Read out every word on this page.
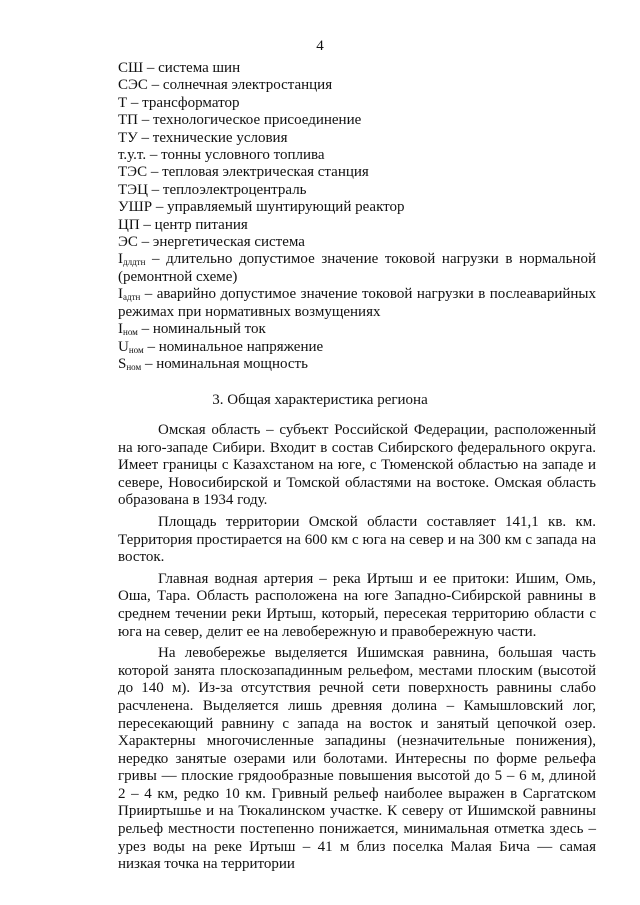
4

СШ – система шин

СЭС – солнечная электростанция

Т – трансформатор

ТП – технологическое присоединение

ТУ – технические условия

т.у.т. – тонны условного топлива

ТЭС – тепловая электрическая станция

ТЭЦ – теплоэлектроцентраль

УШР – управляемый шунтирующий реактор

ЦП – центр питания

ЭС – энергетическая система

$I_{длдтн}$ – длительно допустимое значение токовой нагрузки в нормальной (ремонтной схеме)

$I_{адтн}$ – аварийно допустимое значение токовой нагрузки в послеаварийных режимах при нормативных возмущениях

$I_{ном}$ – номинальный ток

$U_{ном}$ – номинальное напряжение

$S_{ном}$ – номинальная мощность

3. Общая характеристика региона

Омская область – субъект Российской Федерации, расположенный на юго-западе Сибири. Входит в состав Сибирского федерального округа. Имеет границы с Казахстаном на юге, с Тюменской областью на западе и севере, Новосибирской и Томской областями на востоке. Омская область образована в 1934 году.

Площадь территории Омской области составляет 141,1 кв. км. Территория простирается на 600 км с юга на север и на 300 км с запада на восток.

Главная водная артерия – река Иртыш и ее притоки: Ишим, Омь, Оша, Тара. Область расположена на юге Западно-Сибирской равнины в среднем течении реки Иртыш, который, пересекая территорию области с юга на север, делит ее на левобережную и правобережную части.

На левобережье выделяется Ишимская равнина, большая часть которой занята плоскозападинным рельефом, местами плоским (высотой до 140 м). Из-за отсутствия речной сети поверхность равнины слабо расчленена. Выделяется лишь древняя долина – Камышловский лог, пересекающий равнину с запада на восток и занятый цепочкой озер. Характерны многочисленные западины (незначительные понижения), нередко занятые озерами или болотами. Интересны по форме рельефа гривы — плоские грядообразные повышения высотой до 5 – 6 м, длиной 2 – 4 км, редко 10 км. Гривный рельеф наиболее выражен в Саргатском Прииртышье и на Тюкалинском участке. К северу от Ишимской равнины рельеф местности постепенно понижается, минимальная отметка здесь – урез воды на реке Иртыш – 41 м близ поселка Малая Бича — самая низкая точка на территории
